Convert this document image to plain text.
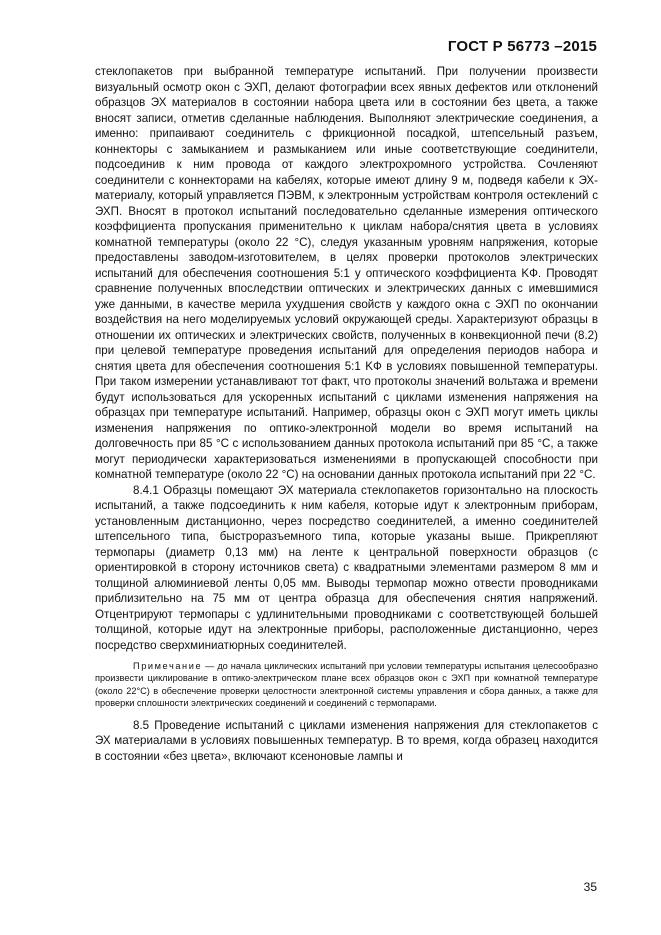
ГОСТ Р 56773 –2015

стеклопакетов при выбранной температуре испытаний. При получении произвести визуальный осмотр окон с ЭХП, делают фотографии всех явных дефектов или отклонений образцов ЭХ материалов в состоянии набора цвета или в состоянии без цвета, а также вносят записи, отметив сделанные наблюдения. Выполняют электрические соединения, а именно: припаивают соединитель с фрикционной посадкой, штепсельный разъем, коннекторы с замыканием и размыканием или иные соответствующие соединители, подсоединив к ним провода от каждого электрохромного устройства. Сочленяют соединители с коннекторами на кабелях, которые имеют длину 9 м, подведя кабели к ЭХ-материалу, который управляется ПЭВМ, к электронным устройствам контроля остеклений с ЭХП. Вносят в протокол испытаний последовательно сделанные измерения оптического коэффициента пропускания применительно к циклам набора/снятия цвета в условиях комнатной температуры (около 22 °С), следуя указанным уровням напряжения, которые предоставлены заводом-изготовителем, в целях проверки протоколов электрических испытаний для обеспечения соотношения 5:1 у оптического коэффициента KФ. Проводят сравнение полученных впоследствии оптических и электрических данных с имевшимися уже данными, в качестве мерила ухудшения свойств у каждого окна с ЭХП по окончании воздействия на него моделируемых условий окружающей среды. Характеризуют образцы в отношении их оптических и электрических свойств, полученных в конвекционной печи (8.2) при целевой температуре проведения испытаний для определения периодов набора и снятия цвета для обеспечения соотношения 5:1 KФ в условиях повышенной температуры. При таком измерении устанавливают тот факт, что протоколы значений вольтажа и времени будут использоваться для ускоренных испытаний с циклами изменения напряжения на образцах при температуре испытаний. Например, образцы окон с ЭХП могут иметь циклы изменения напряжения по оптико-электронной модели во время испытаний на долговечность при 85 °С с использованием данных протокола испытаний при 85 °С, а также могут периодически характеризоваться изменениями в пропускающей способности при комнатной температуре (около 22 °С) на основании данных протокола испытаний при 22 °С.

8.4.1 Образцы помещают ЭХ материала стеклопакетов горизонтально на плоскость испытаний, а также подсоединить к ним кабеля, которые идут к электронным приборам, установленным дистанционно, через посредство соединителей, а именно соединителей штепсельного типа, быстроразъемного типа, которые указаны выше. Прикрепляют термопары (диаметр 0,13 мм) на ленте к центральной поверхности образцов (с ориентировкой в сторону источников света) с квадратными элементами размером 8 мм и толщиной алюминиевой ленты 0,05 мм. Выводы термопар можно отвести проводниками приблизительно на 75 мм от центра образца для обеспечения снятия напряжений. Отцентрируют термопары с удлинительными проводниками с соответствующей большей толщиной, которые идут на электронные приборы, расположенные дистанционно, через посредство сверхминиатюрных соединителей.

Примечание — до начала циклических испытаний при условии температуры испытания целесообразно произвести циклирование в оптико-электрическом плане всех образцов окон с ЭХП при комнатной температуре (около 22°С) в обеспечение проверки целостности электронной системы управления и сбора данных, а также для проверки сплошности электрических соединений и соединений с термопарами.

8.5 Проведение испытаний с циклами изменения напряжения для стеклопакетов с ЭХ материалами в условиях повышенных температур. В то время, когда образец находится в состоянии «без цвета», включают ксеноновые лампы и

35
